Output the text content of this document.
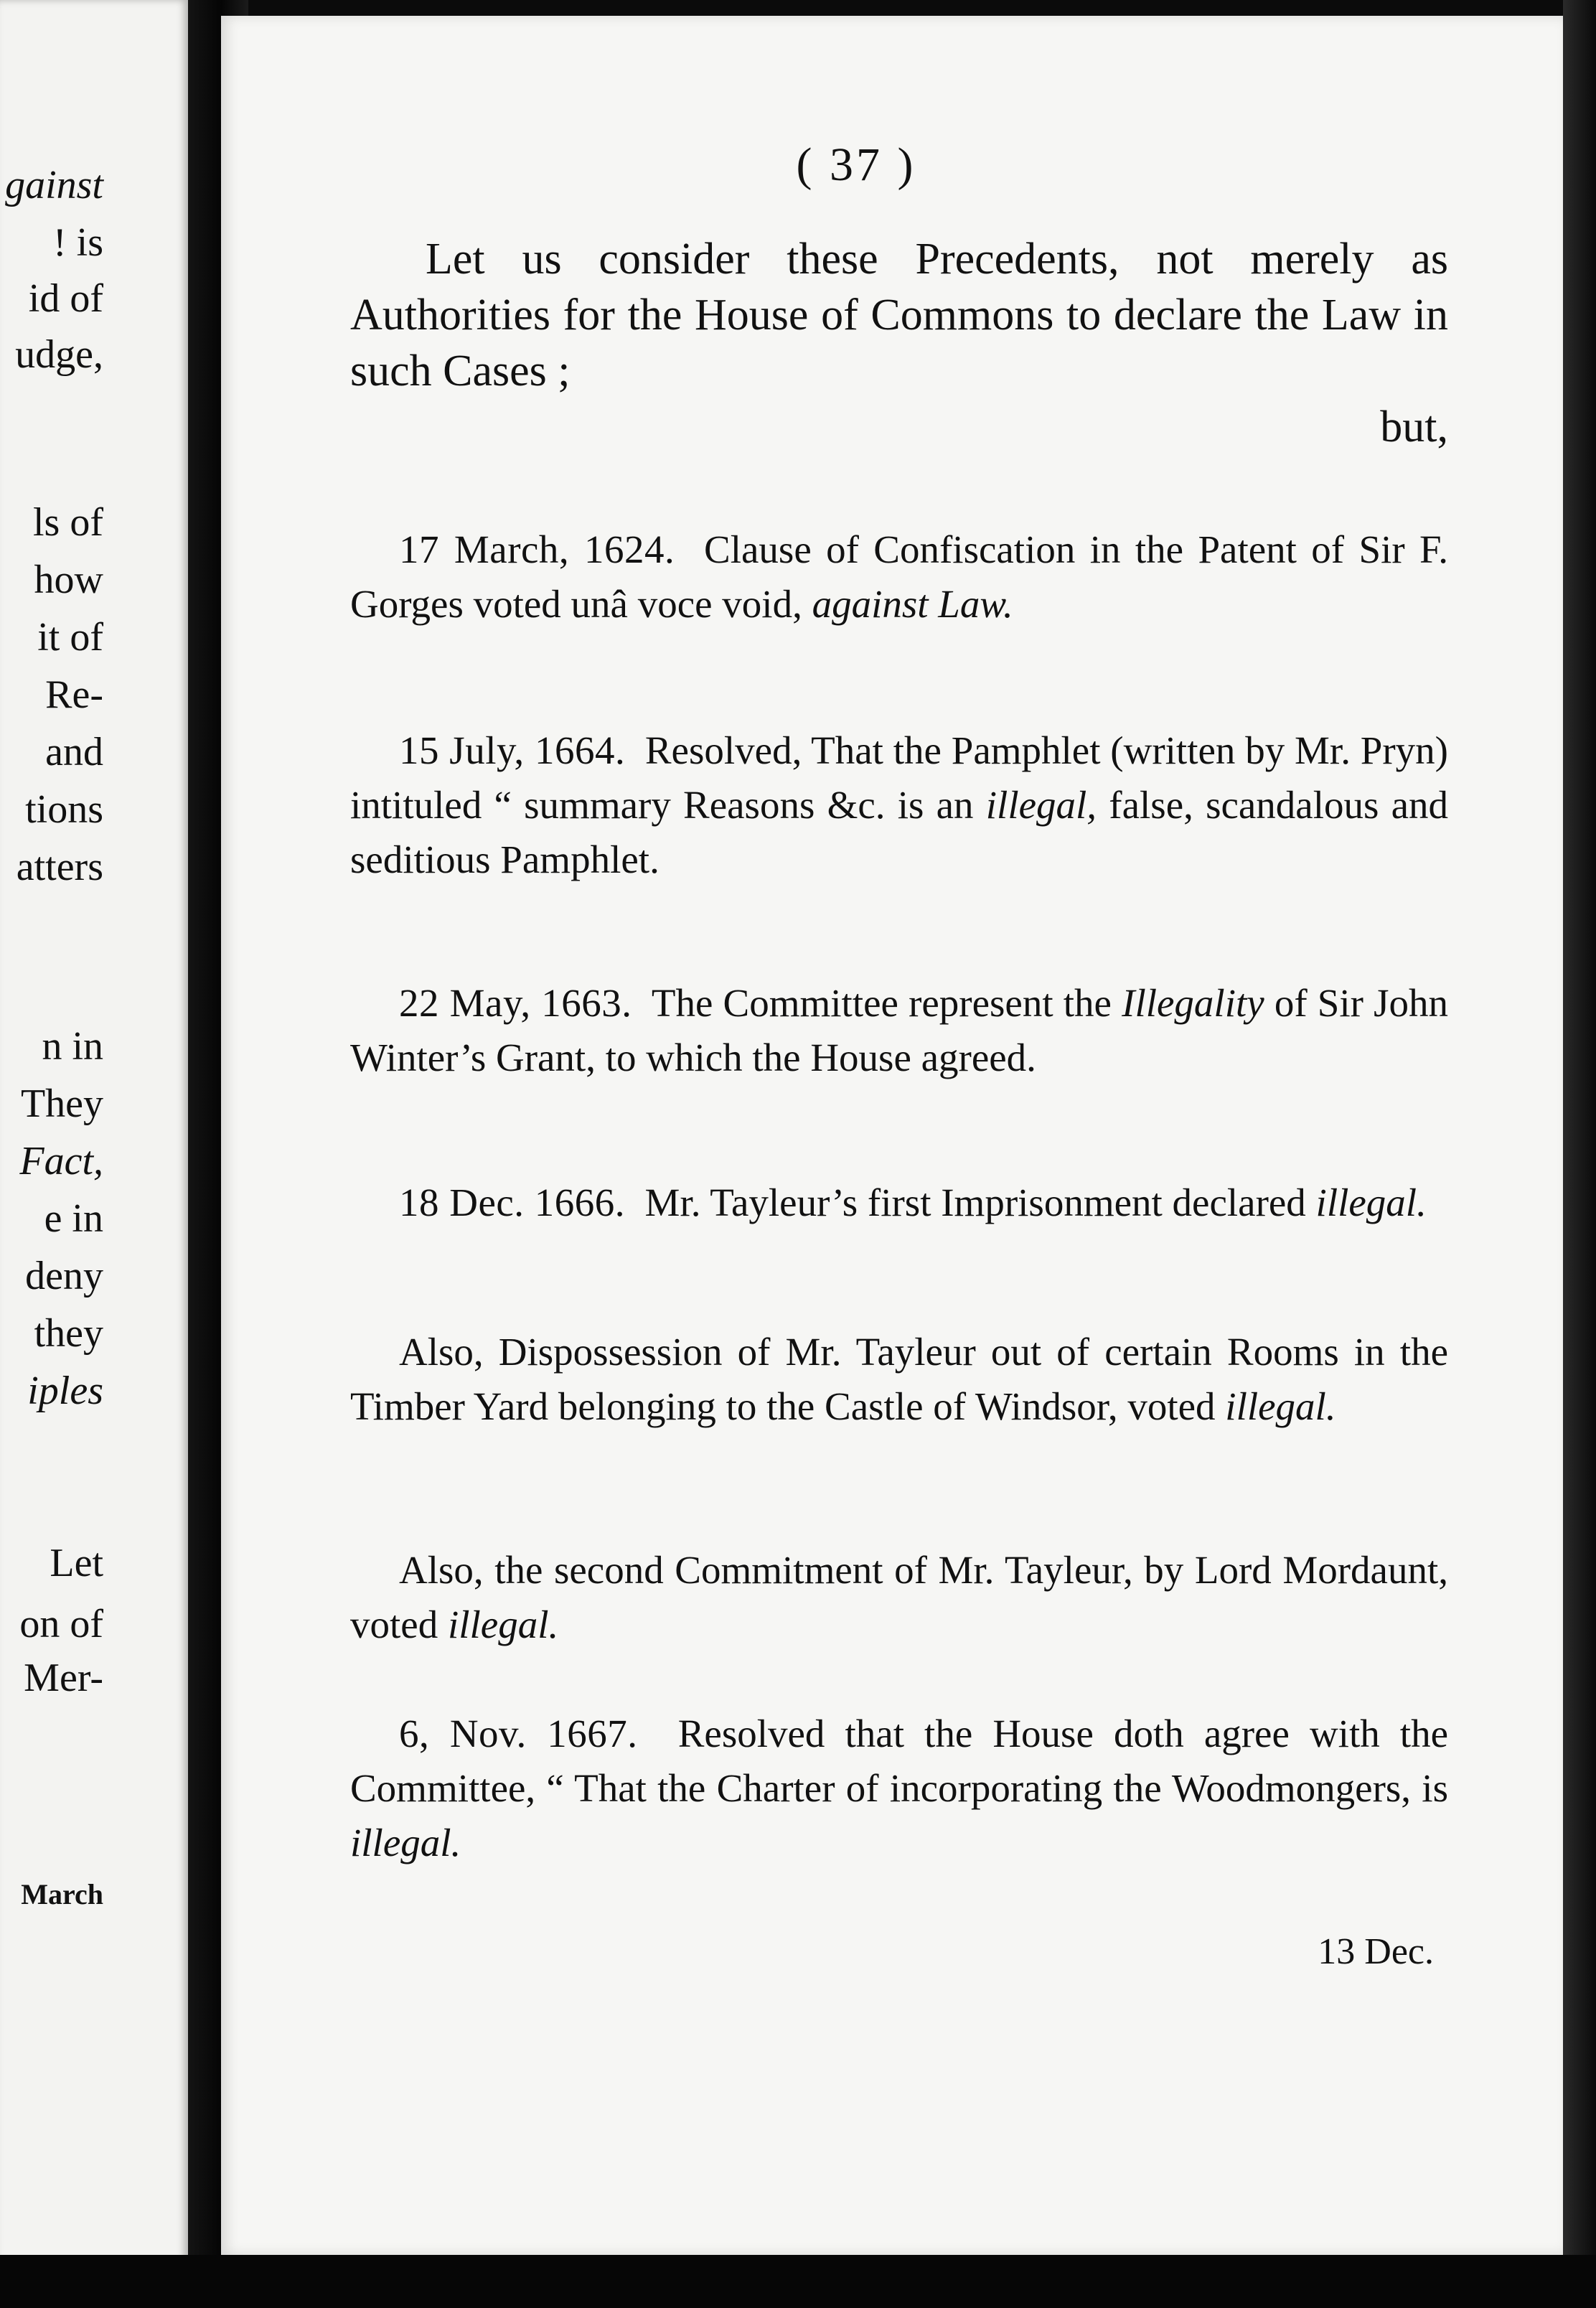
gainst
! is
id of
udge,
ls of
how
it of
Re-
and
tions
atters
n in
They
Fact,
e in
deny
they
iples
Let
on of
Mer-
March
( 37 )
Let us consider these Precedents, not merely as Authorities for the House of Commons to declare the Law in such Cases ;
but,
17 March, 1624. Clause of Confiscation in the Patent of Sir F. Gorges voted unâ voce void, against Law.
15 July, 1664. Resolved, That the Pamphlet (written by Mr. Pryn) intituled “ summary Reasons &c. is an illegal, false, scandalous and seditious Pamphlet.
22 May, 1663. The Committee represent the Illegality of Sir John Winter’s Grant, to which the House agreed.
18 Dec. 1666. Mr. Tayleur’s first Imprisonment declared illegal.
Also, Dispossession of Mr. Tayleur out of certain Rooms in the Timber Yard belonging to the Castle of Windsor, voted illegal.
Also, the second Commitment of Mr. Tayleur, by Lord Mordaunt, voted illegal.
6, Nov. 1667. Resolved that the House doth agree with the Committee, “ That the Charter of incorporating the Woodmongers, is illegal.
13 Dec.
